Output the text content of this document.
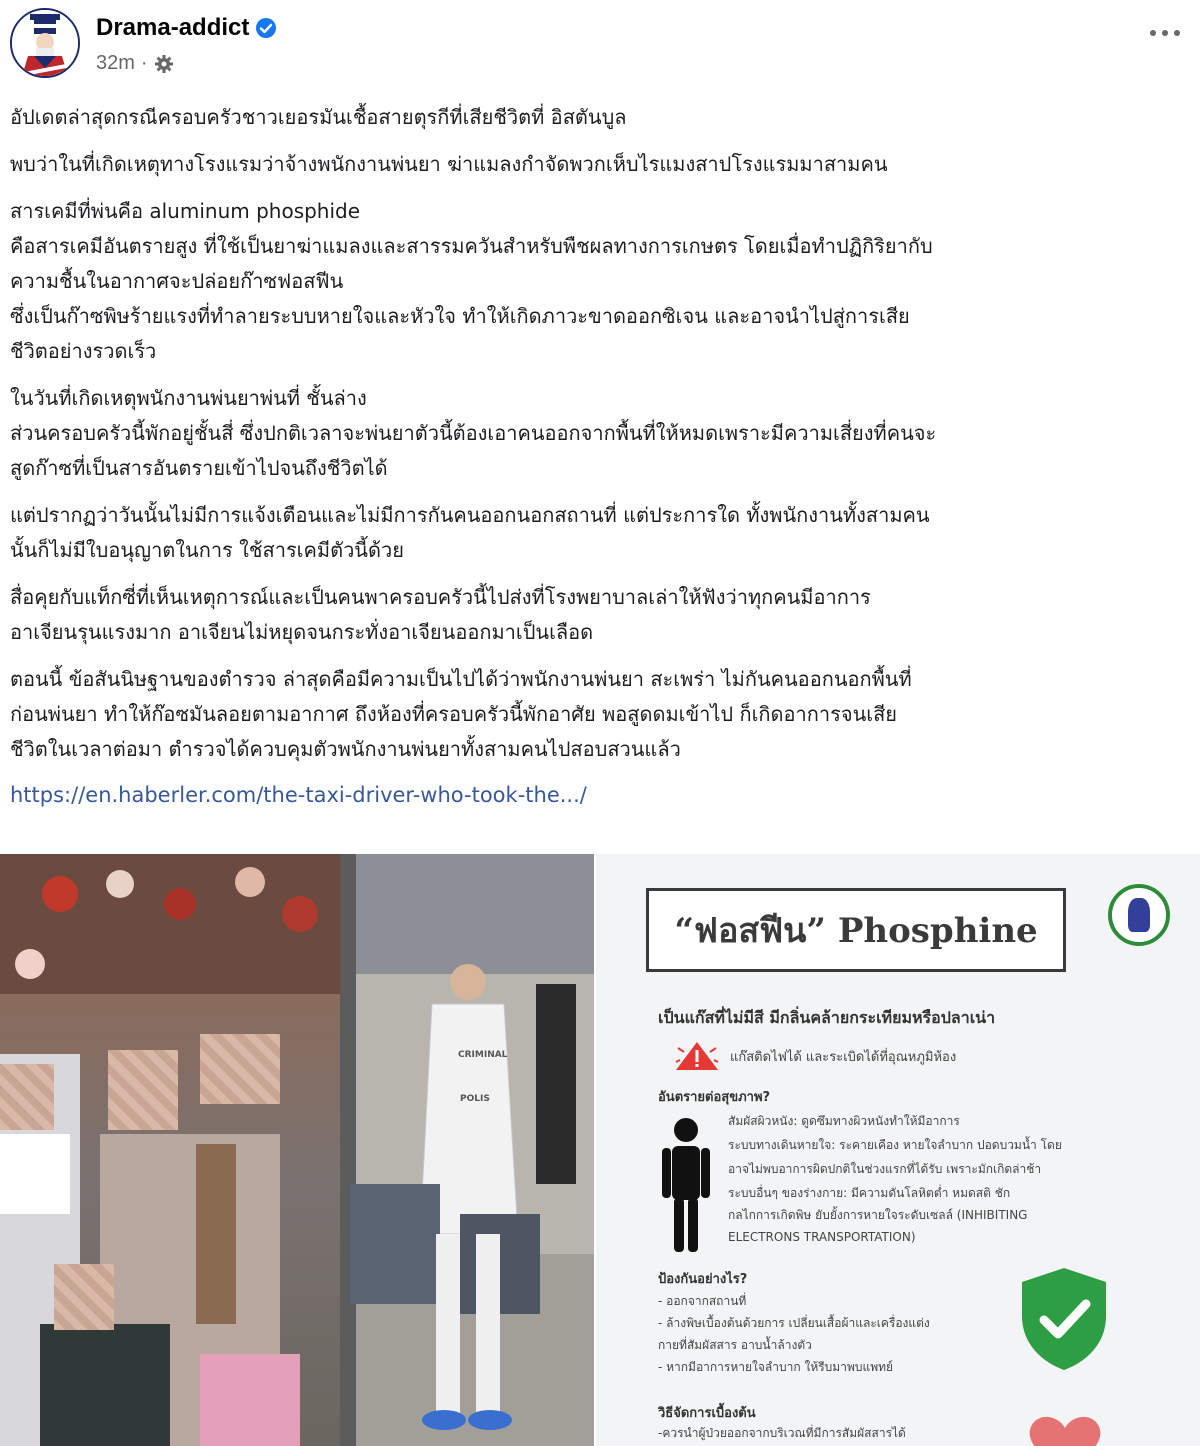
Drama-addict
32m ·
อัปเดตล่าสุดกรณีครอบครัวชาวเยอรมันเชื้อสายตุรกีที่เสียชีวิตที่ อิสตันบูล
พบว่าในที่เกิดเหตุทางโรงแรมว่าจ้างพนักงานพ่นยา ฆ่าแมลงกำจัดพวกเห็บไรแมงสาปโรงแรมมาสามคน
สารเคมีที่พ่นคือ aluminum phosphide
คือสารเคมีอันตรายสูง ที่ใช้เป็นยาฆ่าแมลงและสารรมควันสำหรับพืชผลทางการเกษตร โดยเมื่อทำปฏิกิริยากับ
ความชื้นในอากาศจะปล่อยก๊าซฟอสฟีน
ซึ่งเป็นก๊าซพิษร้ายแรงที่ทำลายระบบหายใจและหัวใจ ทำให้เกิดภาวะขาดออกซิเจน และอาจนำไปสู่การเสีย
ชีวิตอย่างรวดเร็ว
ในวันที่เกิดเหตุพนักงานพ่นยาพ่นที่ ชั้นล่าง
ส่วนครอบครัวนี้พักอยู่ชั้นสี่ ซึ่งปกติเวลาจะพ่นยาตัวนี้ต้องเอาคนออกจากพื้นที่ให้หมดเพราะมีความเสี่ยงที่คนจะ
สูดก๊าซที่เป็นสารอันตรายเข้าไปจนถึงชีวิตได้
แต่ปรากฏว่าวันนั้นไม่มีการแจ้งเตือนและไม่มีการกันคนออกนอกสถานที่ แต่ประการใด ทั้งพนักงานทั้งสามคน
นั้นก็ไม่มีใบอนุญาตในการ ใช้สารเคมีตัวนี้ด้วย
สื่อคุยกับแท็กซี่ที่เห็นเหตุการณ์และเป็นคนพาครอบครัวนี้ไปส่งที่โรงพยาบาลเล่าให้ฟังว่าทุกคนมีอาการ
อาเจียนรุนแรงมาก อาเจียนไม่หยุดจนกระทั่งอาเจียนออกมาเป็นเลือด
ตอนนี้ ข้อสันนิษฐานของตำรวจ ล่าสุดคือมีความเป็นไปได้ว่าพนักงานพ่นยา สะเพร่า ไม่กันคนออกนอกพื้นที่
ก่อนพ่นยา ทำให้ก๊อซมันลอยตามอากาศ ถึงห้องที่ครอบครัวนี้พักอาศัย พอสูดดมเข้าไป ก็เกิดอาการจนเสีย
ชีวิตในเวลาต่อมา ตำรวจได้ควบคุมตัวพนักงานพ่นยาทั้งสามคนไปสอบสวนแล้ว
https://en.haberler.com/the-taxi-driver-who-took-the.../
CRIMINAL
POLIS
“ฟอสฟีน” Phosphine
เป็นแก๊สที่ไม่มีสี มีกลิ่นคล้ายกระเทียมหรือปลาเน่า
แก๊สติดไฟได้ และระเบิดได้ที่อุณหภูมิห้อง
อันตรายต่อสุขภาพ?
สัมผัสผิวหนัง: ดูดซึมทางผิวหนังทำให้มีอาการ
ระบบทางเดินหายใจ: ระคายเคือง หายใจลำบาก ปอดบวมน้ำ โดย
อาจไม่พบอาการผิดปกติในช่วงแรกที่ได้รับ เพราะมักเกิดล่าช้า
ระบบอื่นๆ ของร่างกาย: มีความดันโลหิตต่ำ หมดสติ ชัก
กลไกการเกิดพิษ ยับยั้งการหายใจระดับเซลล์ (INHIBITING
ELECTRONS TRANSPORTATION)
ป้องกันอย่างไร?
- ออกจากสถานที่
- ล้างพิษเบื้องต้นด้วยการ เปลี่ยนเสื้อผ้าและเครื่องแต่ง
กายที่สัมผัสสาร อาบน้ำล้างตัว
- หากมีอาการหายใจลำบาก ให้รีบมาพบแพทย์
วิธีจัดการเบื้องต้น
-ควรนำผู้ป่วยออกจากบริเวณที่มีการสัมผัสสารได้
